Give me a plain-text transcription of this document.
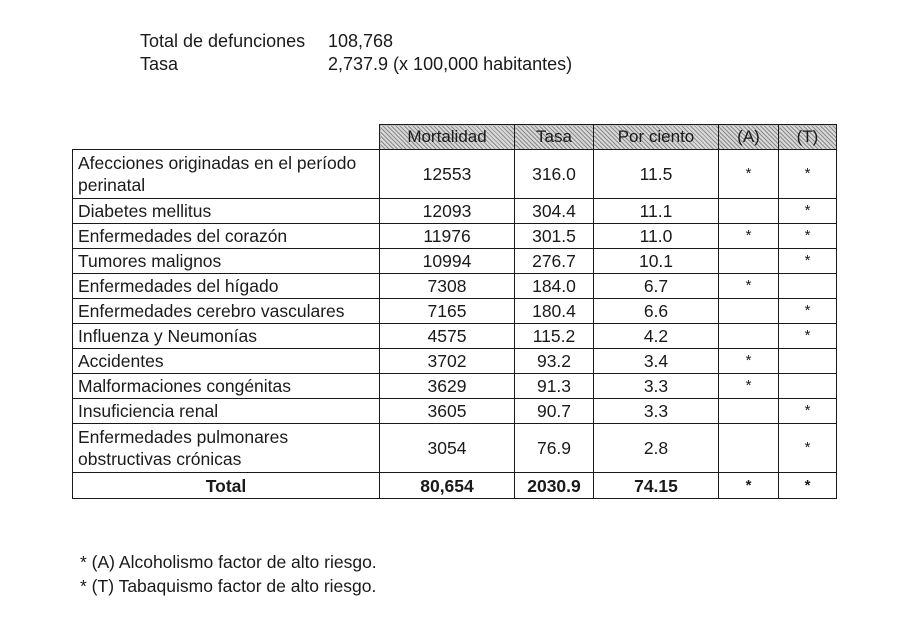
Total de defunciones	108,768
Tasa	2,737.9 (x 100,000 habitantes)
	Mortalidad	Tasa	Por ciento	(A)	(T)
Afecciones originadas en el período perinatal	12553	316.0	11.5	*	*
Diabetes mellitus	12093	304.4	11.1		*
Enfermedades del corazón	11976	301.5	11.0	*	*
Tumores malignos	10994	276.7	10.1		*
Enfermedades del hígado	7308	184.0	6.7	*	
Enfermedades cerebro vasculares	7165	180.4	6.6		*
Influenza y Neumonías	4575	115.2	4.2		*
Accidentes	3702	93.2	3.4	*	
Malformaciones congénitas	3629	91.3	3.3	*	
Insuficiencia renal	3605	90.7	3.3		*
Enfermedades pulmonares obstructivas crónicas	3054	76.9	2.8		*
Total	80,654	2030.9	74.15	*	*
* (A) Alcoholismo factor de alto riesgo.
* (T) Tabaquismo factor de alto riesgo.
